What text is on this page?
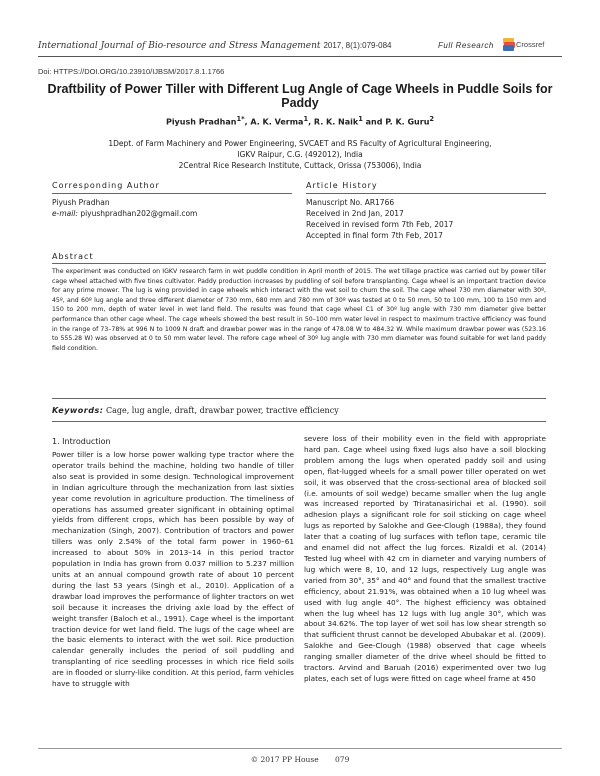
International Journal of Bio-resource and Stress Management 2017, 8(1):079-084	Full Research	Crossref
Doi: HTTPS://DOI.ORG/10.23910/IJBSM/2017.8.1.1766
Draftbility of Power Tiller with Different Lug Angle of Cage Wheels in Puddle Soils for Paddy
Piyush Pradhan$^{1*}$, A. K. Verma$^1$, R. K. Naik$^1$ and P. K. Guru$^2$
1Dept. of Farm Machinery and Power Engineering, SVCAET and RS Faculty of Agricultural Engineering,
IGKV Raipur, C.G. (492012), India
2Central Rice Research Institute, Cuttack, Orissa (753006), India
Corresponding Author
Piyush Pradhan
e-mail: piyushpradhan202@gmail.com
Article History
Manuscript No. AR1766
Received in 2nd Jan, 2017
Received in revised form 7th Feb, 2017
Accepted in final form 7th Feb, 2017
Abstract
The experiment was conducted on IGKV research farm in wet puddle condition in April month of 2015. The wet tillage practice was carried out by power tiller cage wheel attached with five tines cultivator. Paddy production increases by puddling of soil before transplanting. Cage wheel is an important traction device for any prime mower. The lug is wing provided in cage wheels which interact with the wet soil to churn the soil. The cage wheel 730 mm diameter with 30º, 45º, and 60º lug angle and three different diameter of 730 mm, 680 mm and 780 mm of 30º was tested at 0 to 50 mm, 50 to 100 mm, 100 to 150 mm and 150 to 200 mm, depth of water level in wet land field. The results was found that cage wheel C1 of 30º lug angle with 730 mm diameter give better performance than other cage wheel. The cage wheels showed the best result in 50–100 mm water level in respect to maximum tractive efficiency was found in the range of 73–78% at 996 N to 1009 N draft and drawbar power was in the range of 478.08 W to 484.32 W. While maximum drawbar power was (523.16 to 555.28 W) was observed at 0 to 50 mm water level. The refore cage wheel of 30º lug angle with 730 mm diameter was found suitable for wet land paddy field condition.
Keywords: Cage, lug angle, draft, drawbar power, tractive efficiency
1. Introduction
Power tiller is a low horse power walking type tractor where the operator trails behind the machine, holding two handle of tiller also seat is provided in some design. Technological improvement in Indian agriculture through the mechanization from last sixties year come revolution in agriculture production. The timeliness of operations has assumed greater significant in obtaining optimal yields from different crops, which has been possible by way of mechanization (Singh, 2007). Contribution of tractors and power tillers was only 2.54% of the total farm power in 1960–61 increased to about 50% in 2013–14 in this period tractor population in India has grown from 0.037 million to 5.237 million units at an annual compound growth rate of about 10 percent during the last 53 years (Singh et al., 2010). Application of a drawbar load improves the performance of lighter tractors on wet soil because it increases the driving axle load by the effect of weight transfer (Baloch et al., 1991). Cage wheel is the important traction device for wet land field. The lugs of the cage wheel are the basic elements to interact with the wet soil. Rice production calendar generally includes the period of soil puddling and transplanting of rice seedling processes in which rice field soils are in flooded or slurry-like condition. At this period, farm vehicles have to struggle with
severe loss of their mobility even in the field with appropriate hard pan. Cage wheel using fixed lugs also have a soil blocking problem among the lugs when operated paddy soil and using open, flat-lugged wheels for a small power tiller operated on wet soil, it was observed that the cross-sectional area of blocked soil (i.e. amounts of soil wedge) became smaller when the lug angle was increased reported by Triratanasirichai et al. (1990). soil adhesion plays a significant role for soil sticking on cage wheel lugs as reported by Salokhe and Gee-Clough (1988a), they found later that a coating of lug surfaces with teflon tape, ceramic tile and enamel did not affect the lug forces. Rizaldi et al. (2014) Tested lug wheel with 42 cm in diameter and varying numbers of lug which were 8, 10, and 12 lugs, respectively Lug angle was varied from 30°, 35° and 40° and found that the smallest tractive efficiency, about 21.91%, was obtained when a 10 lug wheel was used with lug angle 40°. The highest efficiency was obtained when the lug wheel has 12 lugs with lug angle 30°, which was about 34.62%. The top layer of wet soil has low shear strength so that sufficient thrust cannot be developed Abubakar et al. (2009). Salokhe and Gee-Clough (1988) observed that cage wheels ranging smaller diameter of the drive wheel should be fitted to tractors. Arvind and Baruah (2016) experimented over two lug plates, each set of lugs were fitted on cage wheel frame at 450
© 2017 PP House 079
